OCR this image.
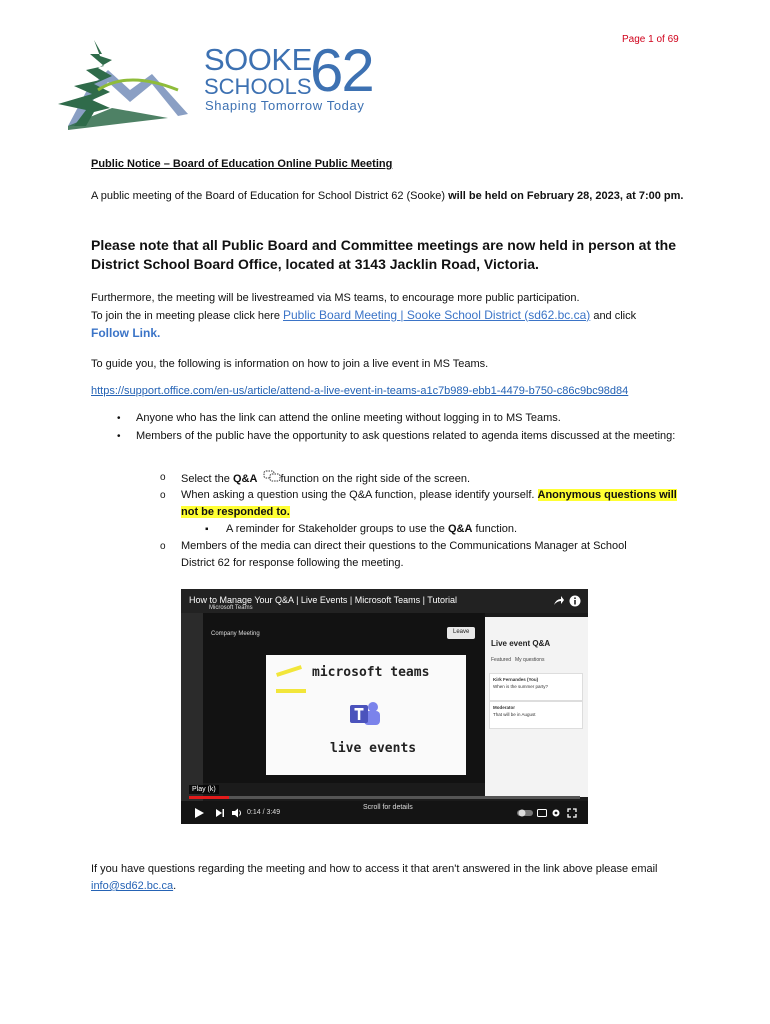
Page 1 of 69
SOOKE
SCHOOLS
62
Shaping Tomorrow Today
Public Notice – Board of Education Online Public Meeting
A public meeting of the Board of Education for School District 62 (Sooke) will be held on February 28, 2023, at 7:00 pm.
Please note that all Public Board and Committee meetings are now held in person at the District School Board Office, located at 3143 Jacklin Road, Victoria.
Furthermore, the meeting will be livestreamed via MS teams, to encourage more public participation.
To join the in meeting please click here Public Board Meeting | Sooke School District (sd62.bc.ca) and click
Follow Link.
To guide you, the following is information on how to join a live event in MS Teams.
https://support.office.com/en-us/article/attend-a-live-event-in-teams-a1c7b989-ebb1-4479-b750-c86c9bc98d84
• Anyone who has the link can attend the online meeting without logging in to MS Teams.
• Members of the public have the opportunity to ask questions related to agenda items discussed at the meeting:
o Select the Q&A function on the right side of the screen.
o When asking a question using the Q&A function, please identify yourself. Anonymous questions will not be responded to.
▪ A reminder for Stakeholder groups to use the Q&A function.
o Members of the media can direct their questions to the Communications Manager at School District 62 for response following the meeting.
How to Manage Your Q&A | Live Events | Microsoft Teams | Tutorial
Microsoft Teams
Company Meeting	Leave
microsoft teams
live events
Live event Q&A
Featured My questions
Kirk Fernandes (You)
When is the summer party?
Moderator
That will be in August
Play (k)
0:14 / 3:49
Scroll for details
If you have questions regarding the meeting and how to access it that aren't answered in the link above please email info@sd62.bc.ca.
